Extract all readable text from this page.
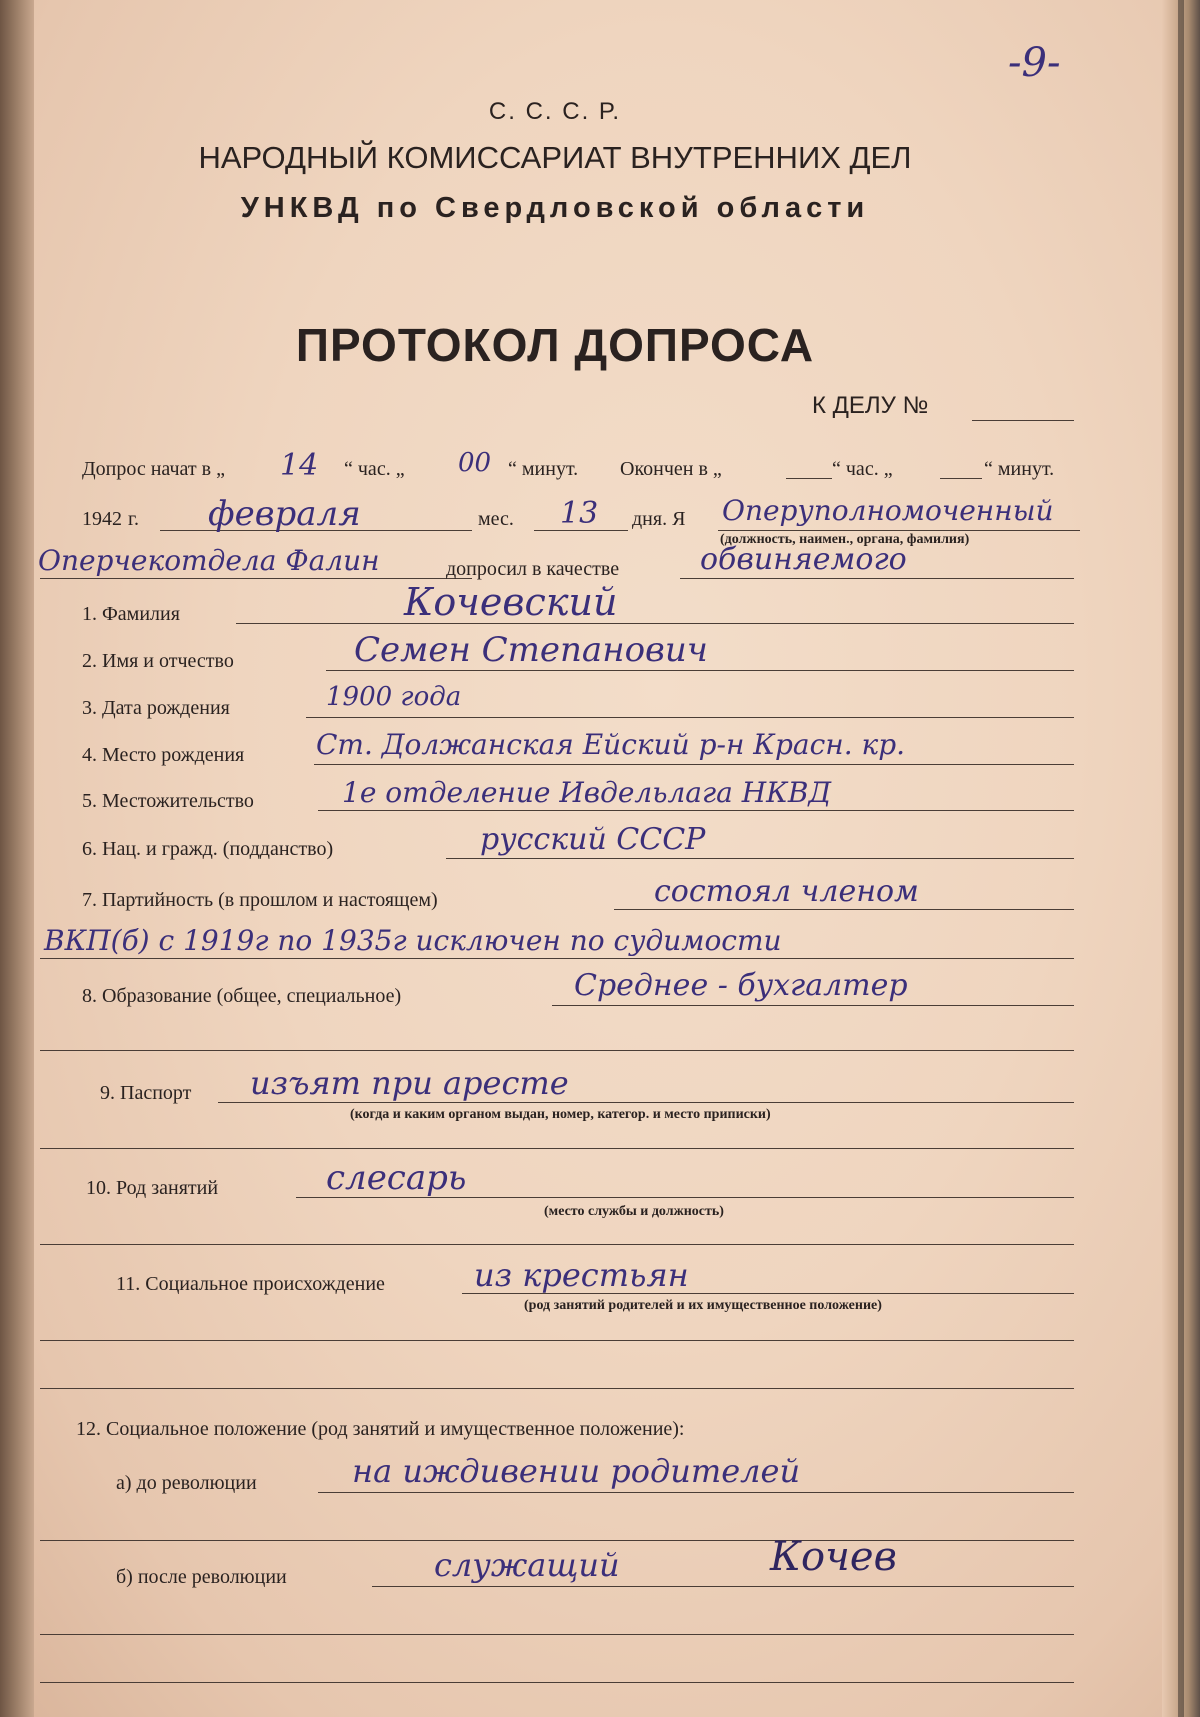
-9-
С. С. С. Р.
НАРОДНЫЙ КОМИССАРИАТ ВНУТРЕННИХ ДЕЛ
УНКВД по Свердловской области
ПРОТОКОЛ ДОПРОСА
К ДЕЛУ №
Допрос начат в „ 14 “ час. „ 00 “ минут. Окончен в „	“ час. „	“ минут.
1942 г. февраля	мес. 13 дня. Я Оперуполномоченный
(должность, наимен., органа, фамилия)
Оперчекотдела Фалин	допросил в качестве	обвиняемого
1. Фамилия	Кочевский
2. Имя и отчество	Семен Степанович
3. Дата рождения	1900 года
4. Место рождения	Ст. Должанская Ейский р-н Красн. кр.
5. Местожительство	1е отделение Ивдельлага НКВД
6. Нац. и гражд. (подданство)	русский СССР
7. Партийность (в прошлом и настоящем)	состоял членом
ВКП(б) с 1919г по 1935г исключен по судимости
8. Образование (общее, специальное)	Среднее - бухгалтер
9. Паспорт изъят при аресте
(когда и каким органом выдан, номер, категор. и место приписки)
10. Род занятий	слесарь
(место службы и должность)
11. Социальное происхождение	из крестьян
(род занятий родителей и их имущественное положение)
12. Социальное положение (род занятий и имущественное положение):
а) до революции	на иждивении родителей
б) после революции	служащий	Кочев
